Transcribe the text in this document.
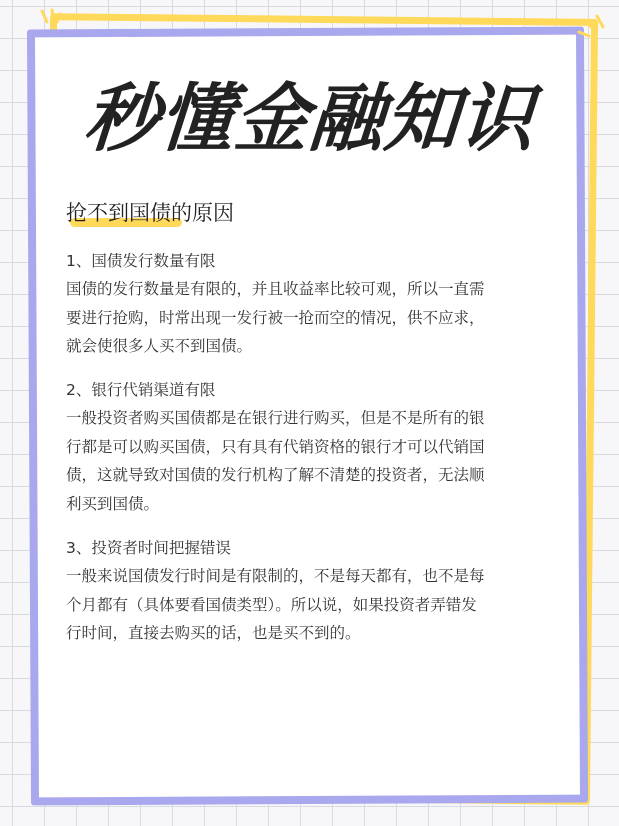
秒懂金融知识
抢不到国债的原因
1、国债发行数量有限
国债的发行数量是有限的，并且收益率比较可观，所以一直需
要进行抢购，时常出现一发行被一抢而空的情况，供不应求，
就会使很多人买不到国债。
2、银行代销渠道有限
一般投资者购买国债都是在银行进行购买，但是不是所有的银
行都是可以购买国债，只有具有代销资格的银行才可以代销国
债，这就导致对国债的发行机构了解不清楚的投资者，无法顺
利买到国债。
3、投资者时间把握错误
一般来说国债发行时间是有限制的，不是每天都有，也不是每
个月都有（具体要看国债类型）。所以说，如果投资者弄错发
行时间，直接去购买的话，也是买不到的。
